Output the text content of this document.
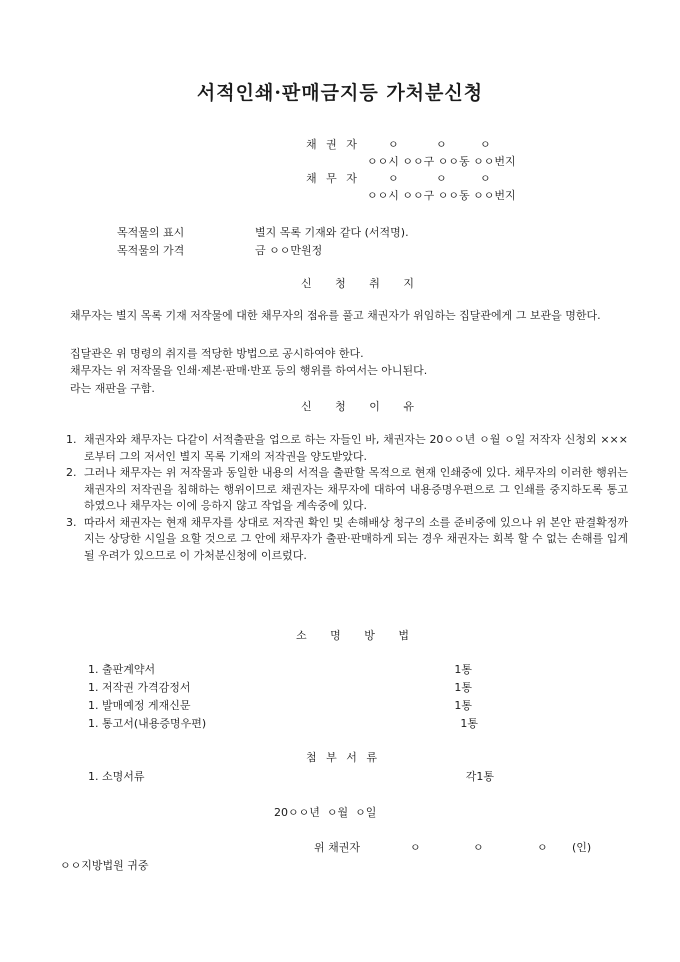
서적인쇄·판매금지등 가처분신청
채 권 자	ㅇ	ㅇ	ㅇ
ㅇㅇ시 ㅇㅇ구 ㅇㅇ동 ㅇㅇ번지
채 무 자	ㅇ	ㅇ	ㅇ
ㅇㅇ시 ㅇㅇ구 ㅇㅇ동 ㅇㅇ번지
목적물의 표시	별지 목록 기재와 같다 (서적명).
목적물의 가격	금 ㅇㅇ만원정
신 청 취 지
채무자는 별지 목록 기재 저작물에 대한 채무자의 점유를 풀고 채권자가 위임하는 집달관에게 그 보관을 명한다.
집달관은 위 명령의 취지를 적당한 방법으로 공시하여야 한다.
채무자는 위 저작물을 인쇄·제본·판매·반포 등의 행위를 하여서는 아니된다.
라는 재판을 구함.
신 청 이 유
1. 채권자와 채무자는 다같이 서적출판을 업으로 하는 자들인 바, 채권자는 20ㅇㅇ년 ㅇ월 ㅇ일 저작자 신청외 ×××로부터 그의 저서인 별지 목록 기재의 저작권을 양도받았다.
2. 그러나 채무자는 위 저작물과 동일한 내용의 서적을 출판할 목적으로 현재 인쇄중에 있다. 채무자의 이러한 행위는 채권자의 저작권을 침해하는 행위이므로 채권자는 채무자에 대하여 내용증명우편으로 그 인쇄를 중지하도록 통고하였으나 채무자는 이에 응하지 않고 작업을 계속중에 있다.
3. 따라서 채권자는 현재 채무자를 상대로 저작권 확인 및 손해배상 청구의 소를 준비중에 있으나 위 본안 판결확정까지는 상당한 시일을 요할 것으로 그 안에 채무자가 출판·판매하게 되는 경우 채권자는 회복 할 수 없는 손해를 입게될 우려가 있으므로 이 가처분신청에 이르렀다.
소 명 방 법
1. 출판계약서	1통
1. 저작권 가격감정서	1통
1. 발매예정 게재신문	1통
1. 통고서(내용증명우편)	1통
첨 부 서 류
1. 소명서류	각1통
20ㅇㅇ년  ㅇ월  ㅇ일
위 채권자	ㅇ	ㅇ	ㅇ (인)
ㅇㅇ지방법원 귀중
